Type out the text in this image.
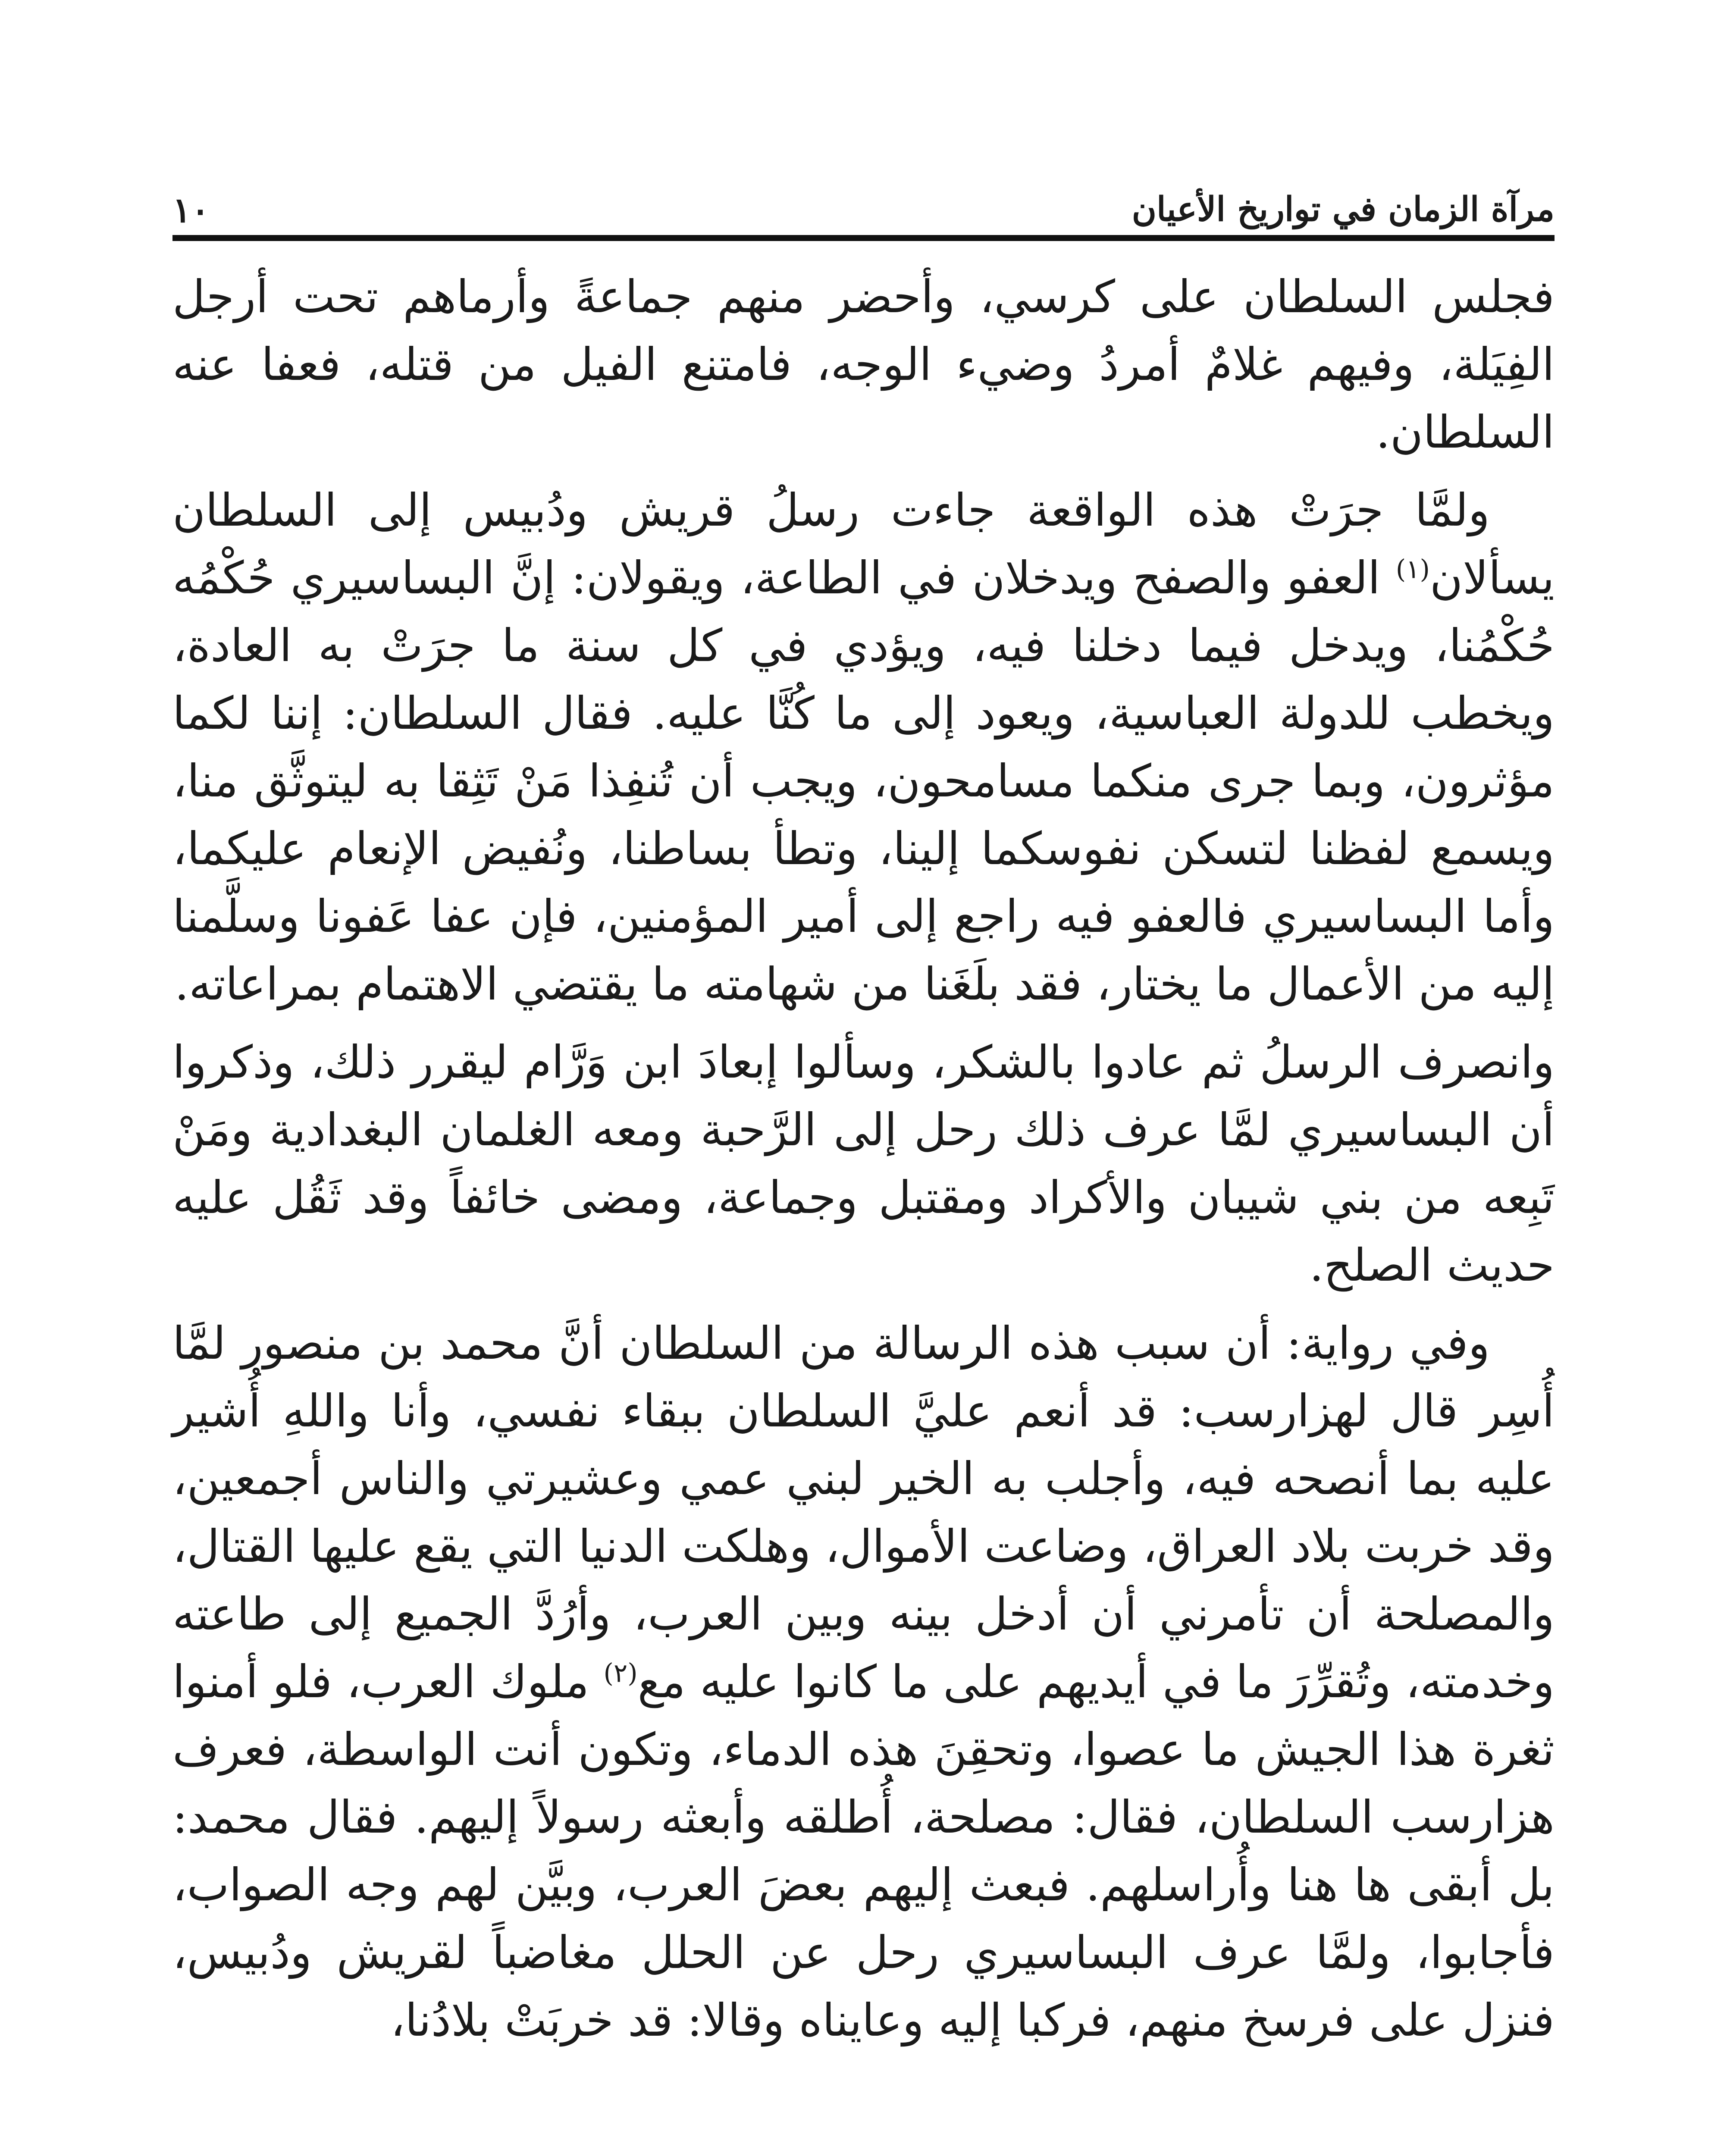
١٠	مرآة الزمان في تواريخ الأعيان

فجلس السلطان على كرسي، وأحضر منهم جماعةً وأرماهم تحت أرجل الفِيَلة، وفيهم غلامٌ أمردُ وضيء الوجه، فامتنع الفيل من قتله، فعفا عنه السلطان.

ولمَّا جرَتْ هذه الواقعة جاءت رسلُ قريش ودُبيس إلى السلطان يسألان$^{(١)}$ العفو والصفح ويدخلان في الطاعة، ويقولان: إنَّ البساسيري حُكْمُه حُكْمُنا، ويدخل فيما دخلنا فيه، ويؤدي في كل سنة ما جرَتْ به العادة، ويخطب للدولة العباسية، ويعود إلى ما كُنَّا عليه. فقال السلطان: إننا لكما مؤثرون، وبما جرى منكما مسامحون، ويجب أن تُنفِذا مَنْ تَثِقا به ليتوثَّق منا، ويسمع لفظنا لتسكن نفوسكما إلينا، وتطأ بساطنا، ونُفيض الإنعام عليكما، وأما البساسيري فالعفو فيه راجع إلى أمير المؤمنين، فإن عفا عَفونا وسلَّمنا إليه من الأعمال ما يختار، فقد بلَغَنا من شهامته ما يقتضي الاهتمام بمراعاته.

وانصرف الرسلُ ثم عادوا بالشكر، وسألوا إبعادَ ابن وَرَّام ليقرر ذلك، وذكروا أن البساسيري لمَّا عرف ذلك رحل إلى الرَّحبة ومعه الغلمان البغدادية ومَنْ تَبِعه من بني شيبان والأكراد ومقتبل وجماعة، ومضى خائفاً وقد ثَقُل عليه حديث الصلح.

وفي رواية: أن سبب هذه الرسالة من السلطان أنَّ محمد بن منصور لمَّا أُسِر قال لهزارسب: قد أنعم عليَّ السلطان ببقاء نفسي، وأنا واللهِ أُشير عليه بما أنصحه فيه، وأجلب به الخير لبني عمي وعشيرتي والناس أجمعين، وقد خربت بلاد العراق، وضاعت الأموال، وهلكت الدنيا التي يقع عليها القتال، والمصلحة أن تأمرني أن أدخل بينه وبين العرب، وأرُدَّ الجميع إلى طاعته وخدمته، وتُقرِّرَ ما في أيديهم على ما كانوا عليه مع$^{(٢)}$ ملوك العرب، فلو أمنوا ثغرة هذا الجيش ما عصوا، وتحقِنَ هذه الدماء، وتكون أنت الواسطة، فعرف هزارسب السلطان، فقال: مصلحة، أُطلقه وأبعثه رسولاً إليهم. فقال محمد: بل أبقى ها هنا وأُراسلهم. فبعث إليهم بعضَ العرب، وبيَّن لهم وجه الصواب، فأجابوا، ولمَّا عرف البساسيري رحل عن الحلل مغاضباً لقريش ودُبيس، فنزل على فرسخ منهم، فركبا إليه وعايناه وقالا: قد خربَتْ بلادُنا،
